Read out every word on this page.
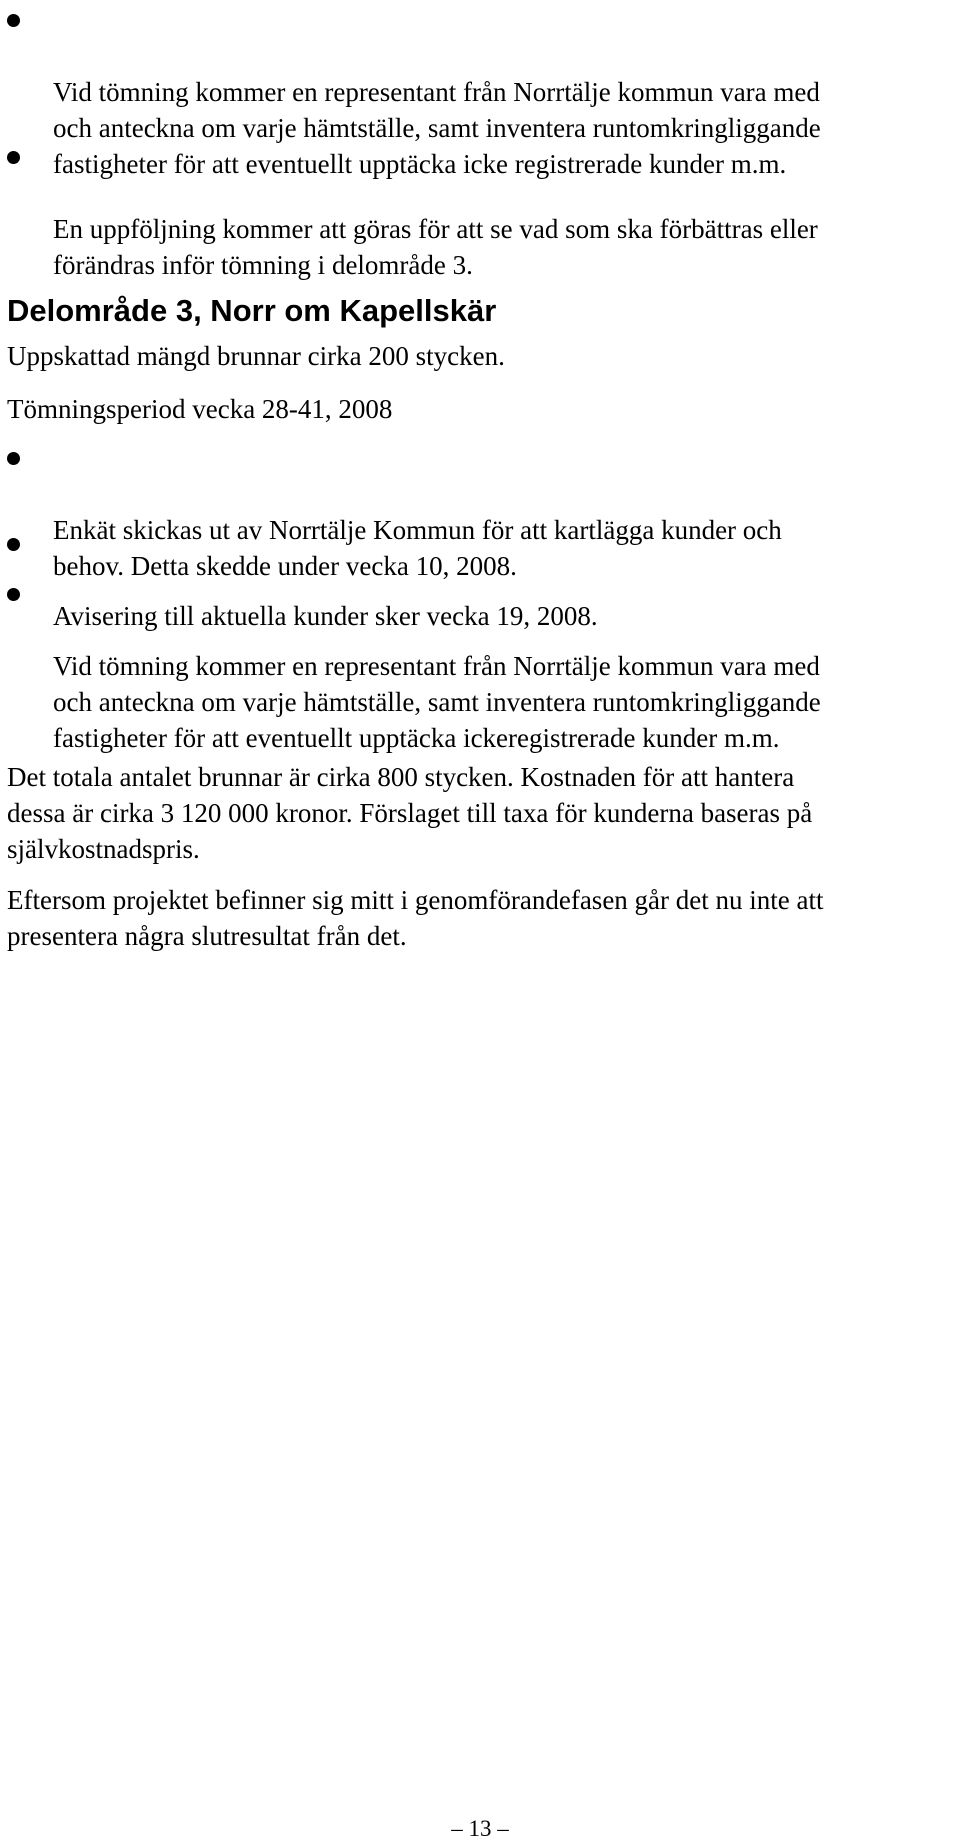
Vid tömning kommer en representant från Norrtälje kommun vara med
och anteckna om varje hämtställe, samt inventera runtomkringliggande
fastigheter för att eventuellt upptäcka icke registrerade kunder m.m.

En uppföljning kommer att göras för att se vad som ska förbättras eller
förändras inför tömning i delområde 3.

Delområde 3, Norr om Kapellskär

Uppskattad mängd brunnar cirka 200 stycken.

Tömningsperiod vecka 28-41, 2008

Enkät skickas ut av Norrtälje Kommun för att kartlägga kunder och
behov. Detta skedde under vecka 10, 2008.

Avisering till aktuella kunder sker vecka 19, 2008.

Vid tömning kommer en representant från Norrtälje kommun vara med
och anteckna om varje hämtställe, samt inventera runtomkringliggande
fastigheter för att eventuellt upptäcka ickeregistrerade kunder m.m.

Det totala antalet brunnar är cirka 800 stycken. Kostnaden för att hantera
dessa är cirka 3 120 000 kronor. Förslaget till taxa för kunderna baseras på
självkostnadspris.

Eftersom projektet befinner sig mitt i genomförandefasen går det nu inte att
presentera några slutresultat från det.

– 13 –
